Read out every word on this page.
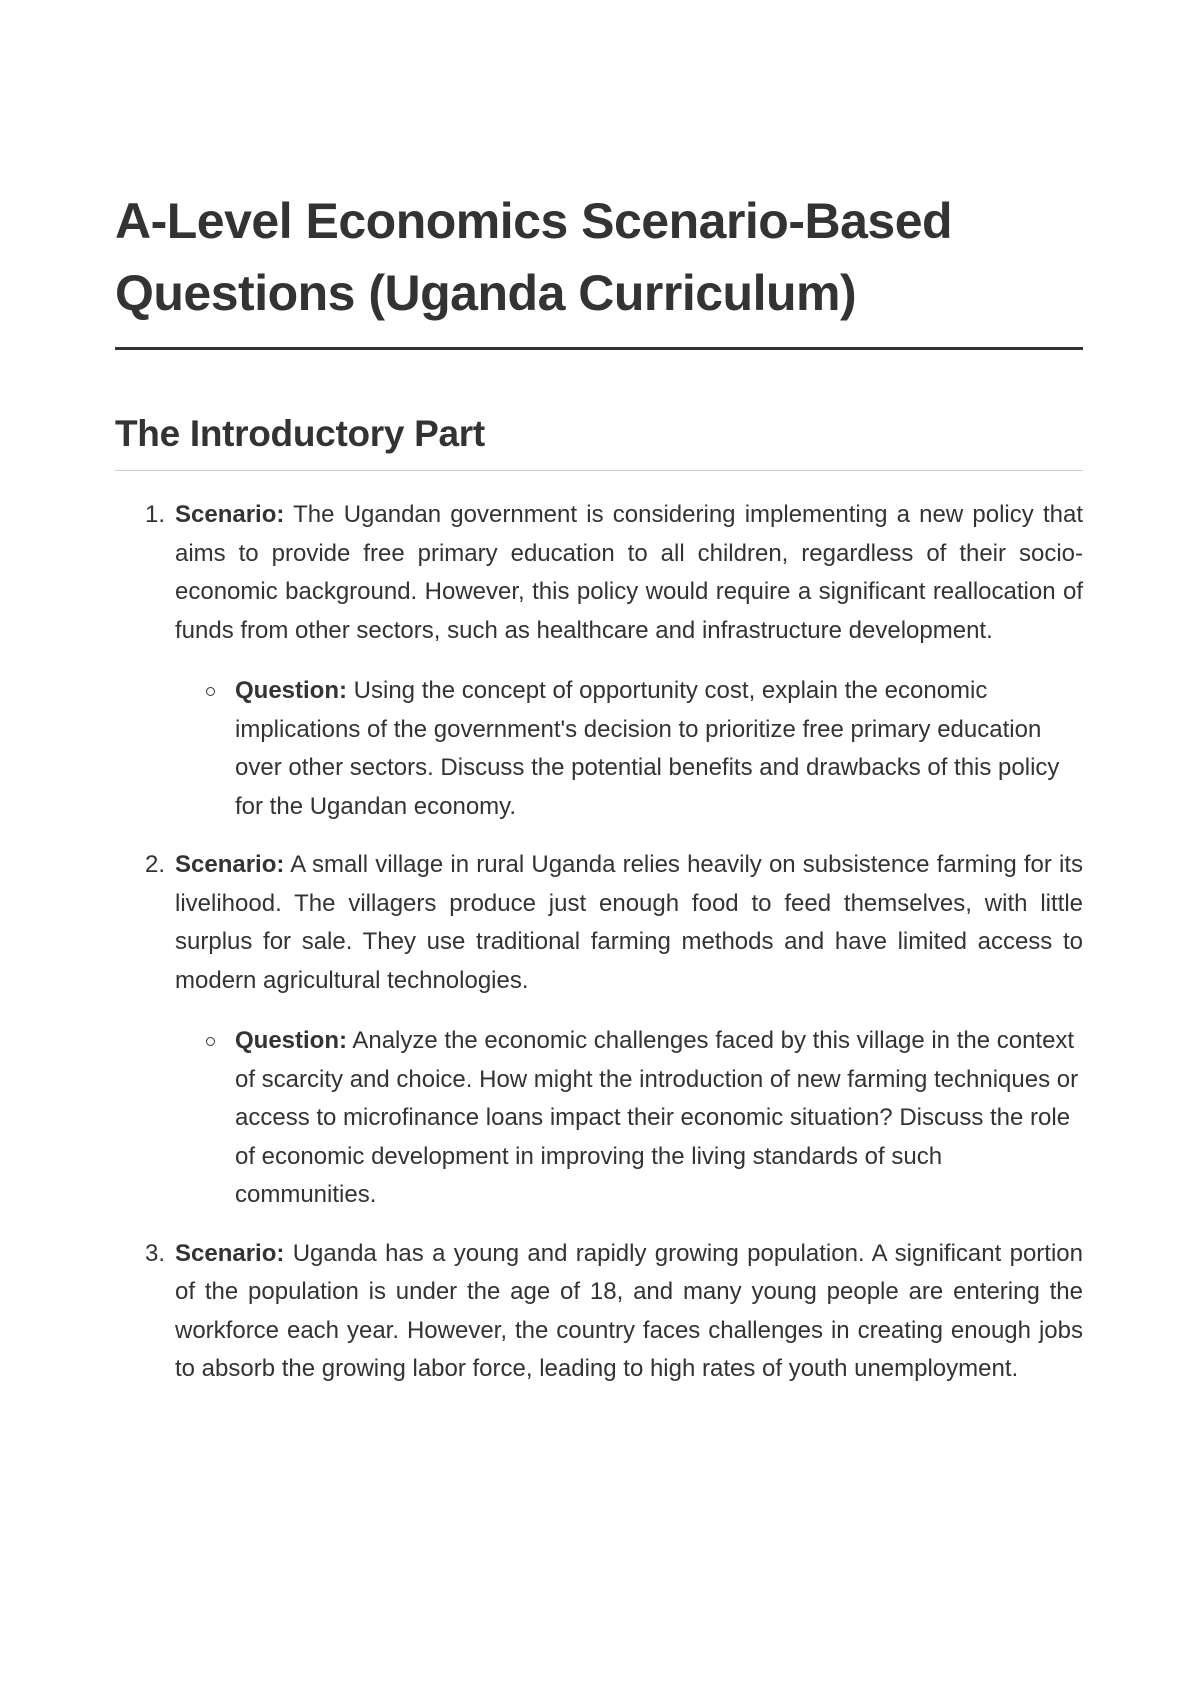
A-Level Economics Scenario-Based Questions (Uganda Curriculum)
The Introductory Part
1. Scenario: The Ugandan government is considering implementing a new policy that aims to provide free primary education to all children, regardless of their socio-economic background. However, this policy would require a significant reallocation of funds from other sectors, such as healthcare and infrastructure development.

Question: Using the concept of opportunity cost, explain the economic implications of the government's decision to prioritize free primary education over other sectors. Discuss the potential benefits and drawbacks of this policy for the Ugandan economy.

2. Scenario: A small village in rural Uganda relies heavily on subsistence farming for its livelihood. The villagers produce just enough food to feed themselves, with little surplus for sale. They use traditional farming methods and have limited access to modern agricultural technologies.

Question: Analyze the economic challenges faced by this village in the context of scarcity and choice. How might the introduction of new farming techniques or access to microfinance loans impact their economic situation? Discuss the role of economic development in improving the living standards of such communities.

3. Scenario: Uganda has a young and rapidly growing population. A significant portion of the population is under the age of 18, and many young people are entering the workforce each year. However, the country faces challenges in creating enough jobs to absorb the growing labor force, leading to high rates of youth unemployment.
